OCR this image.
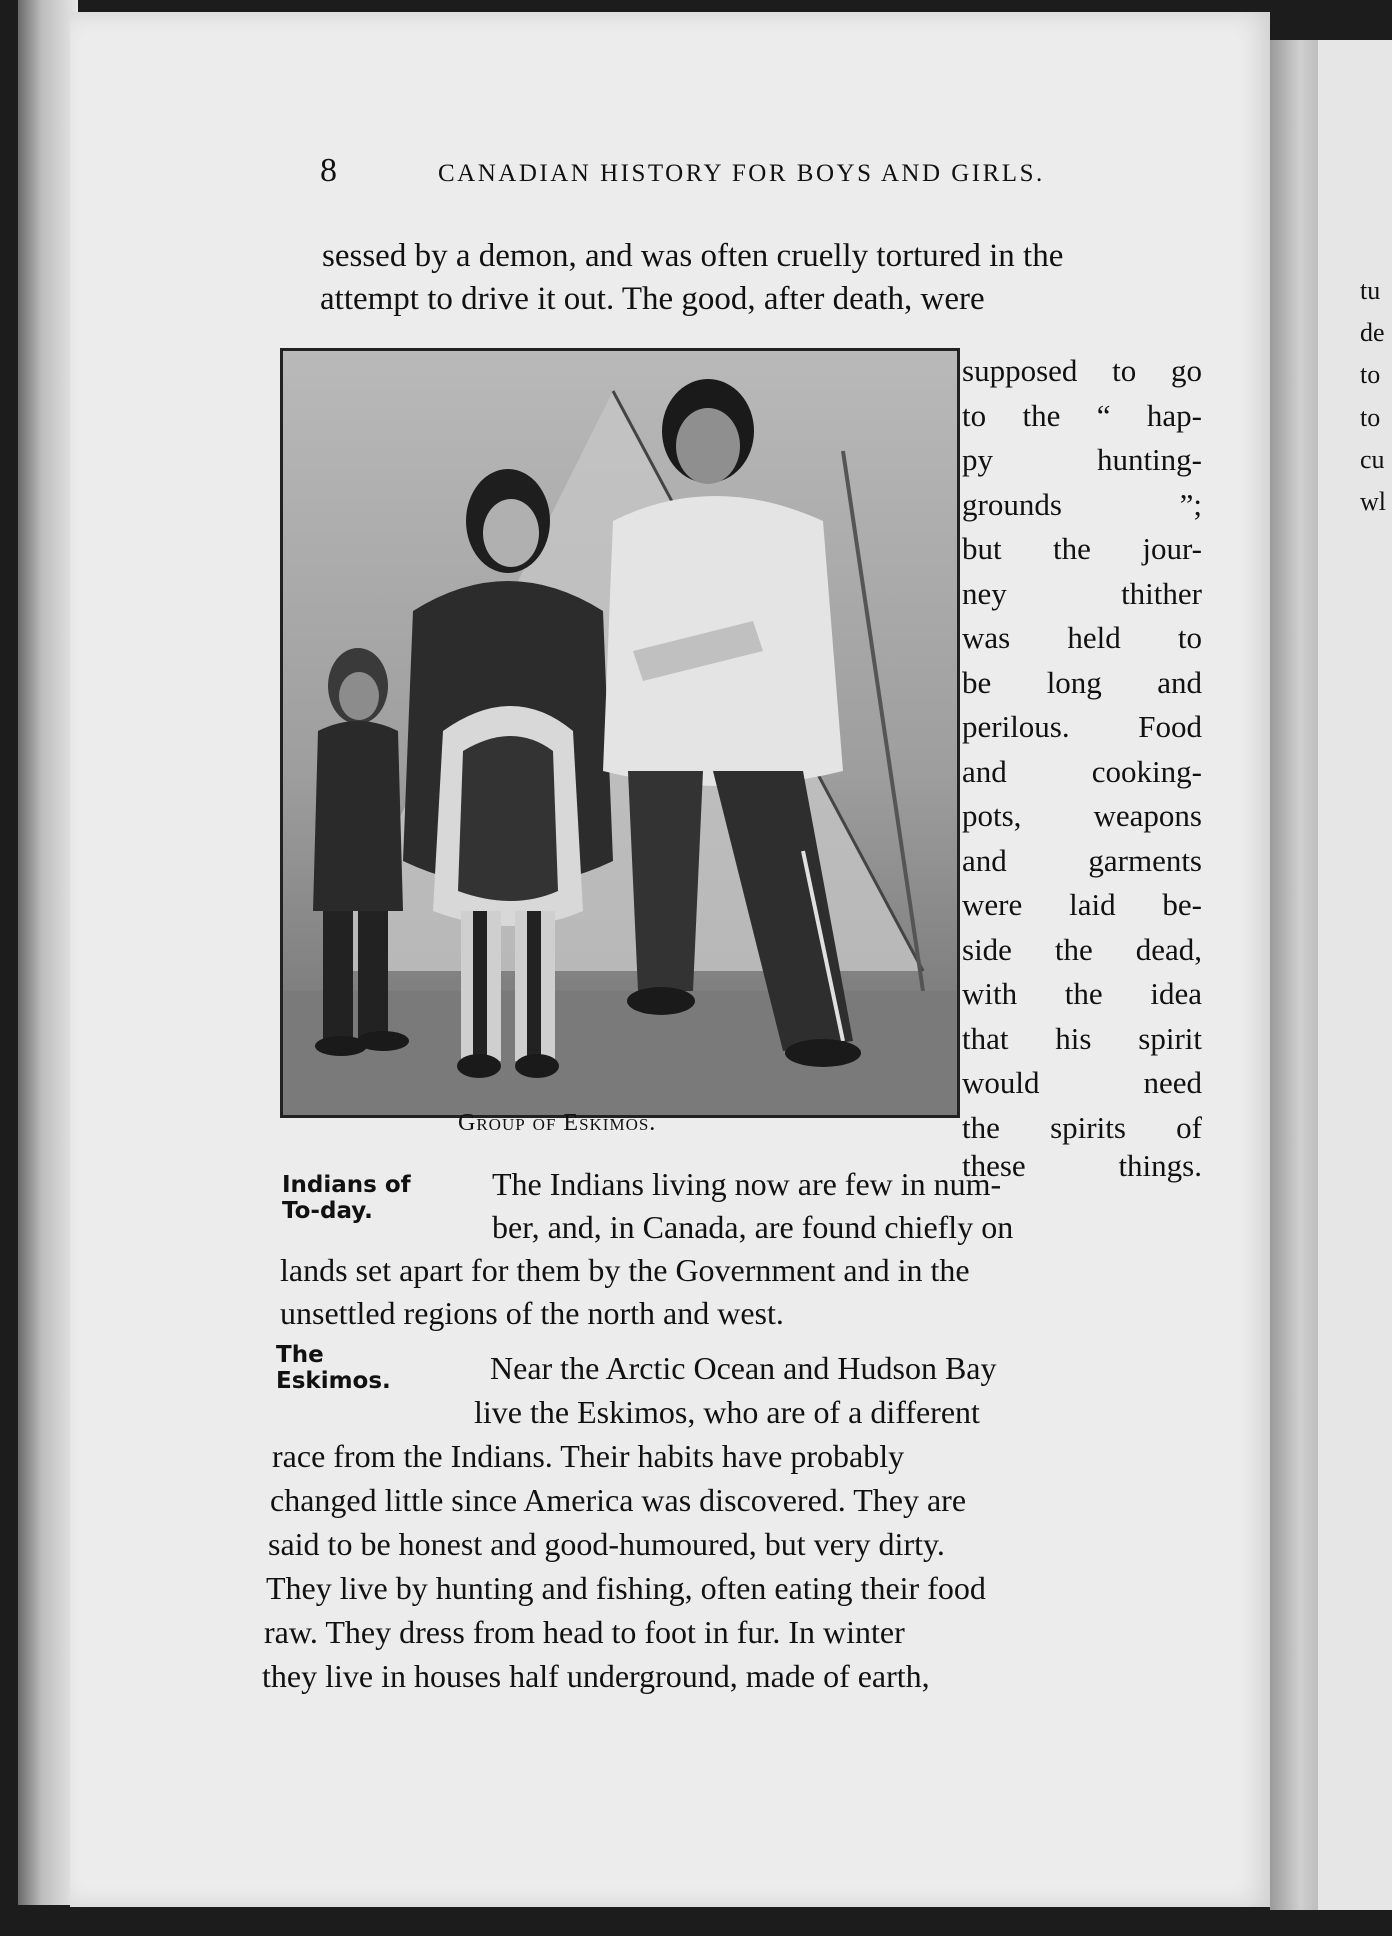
tu
de
to
to
cu
wl
8	CANADIAN HISTORY FOR BOYS AND GIRLS.
sessed by a demon, and was often cruelly tortured in the
attempt to drive it out. The good, after death, were
supposed to go
to the “ hap-
py hunting-
grounds ”;
but the jour-
ney thither
was held to
be long and
perilous. Food
and cooking-
pots, weapons
and garments
were laid be-
side the dead,
with the idea
that his spirit
would need
the spirits of
these things.
Group of Eskimos.
Indians of
To-day.
The Indians living now are few in num-
ber, and, in Canada, are found chiefly on
lands set apart for them by the Government and in the
unsettled regions of the north and west.
The
Eskimos.	Near the Arctic Ocean and Hudson Bay
live the Eskimos, who are of a different
race from the Indians. Their habits have probably
changed little since America was discovered. They are
said to be honest and good-humoured, but very dirty.
They live by hunting and fishing, often eating their food
raw. They dress from head to foot in fur. In winter
they live in houses half underground, made of earth,
